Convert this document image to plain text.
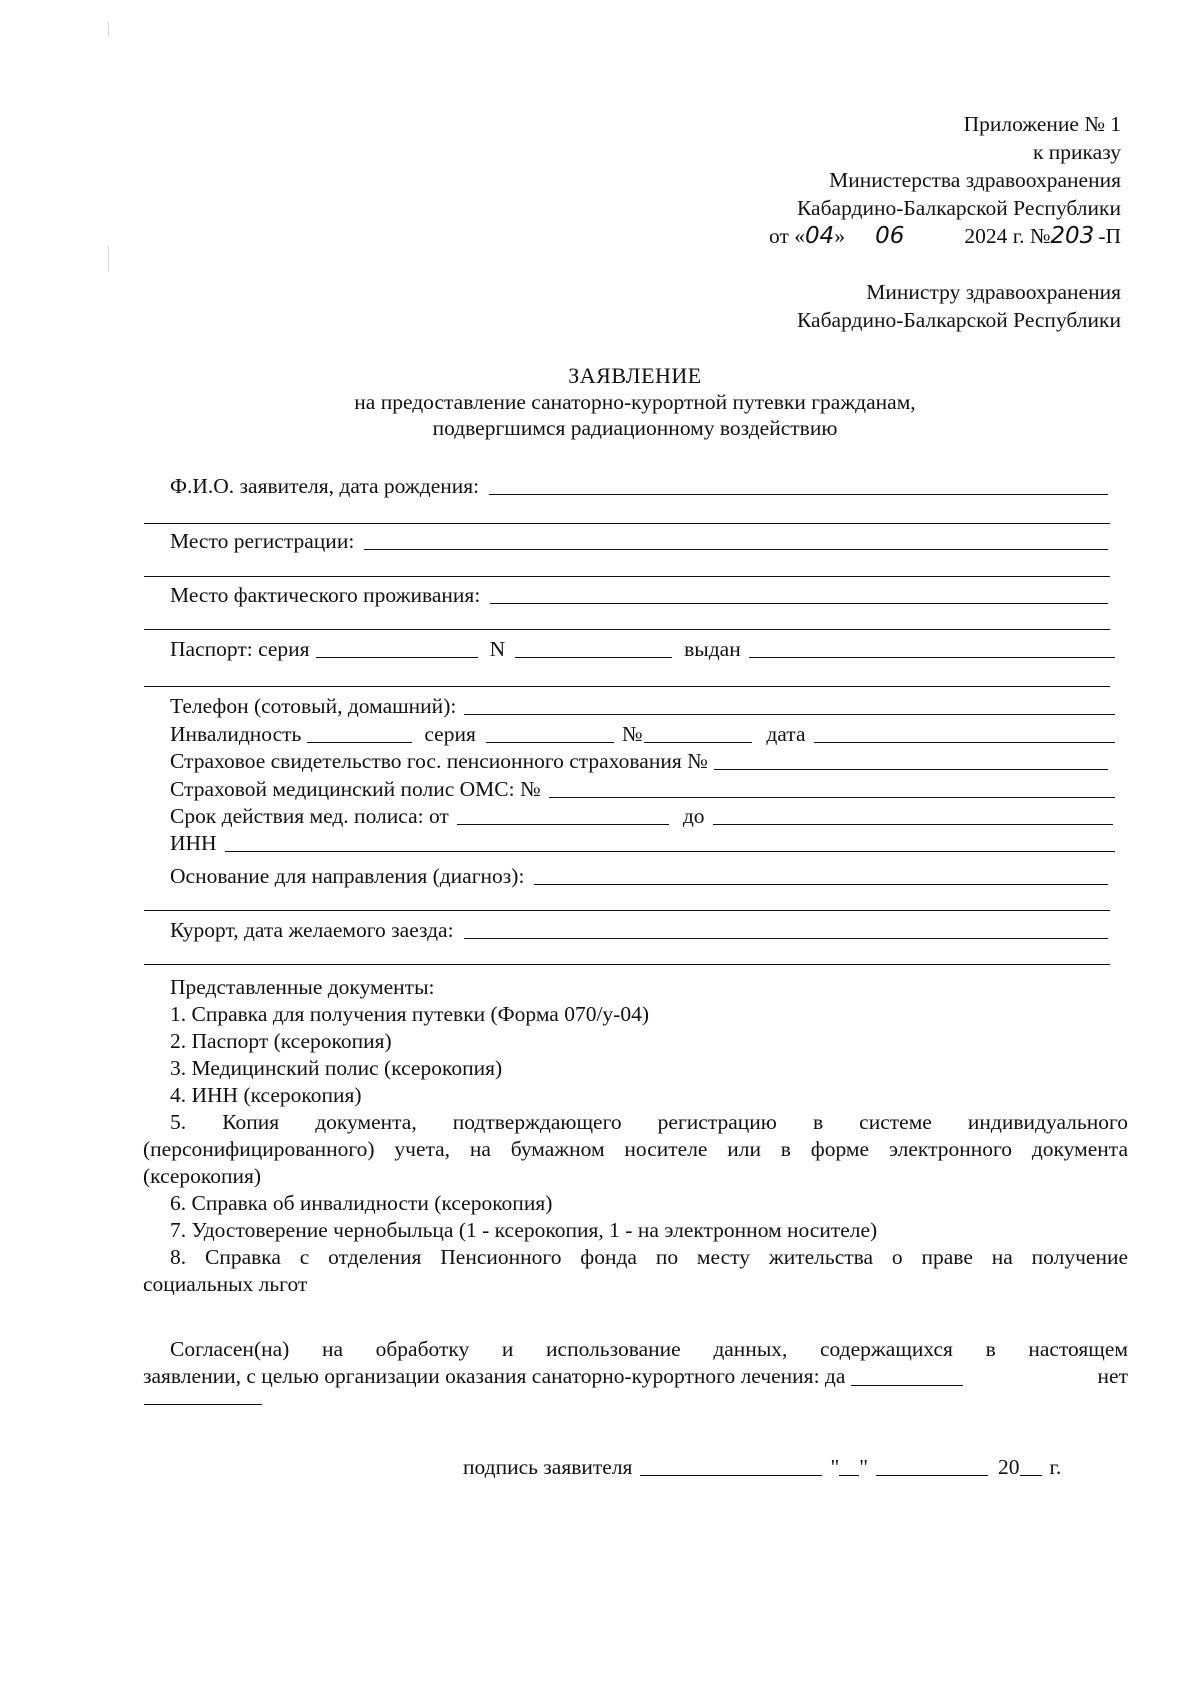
Приложение № 1
к приказу
Министерства здравоохранения
Кабардино-Балкарской Республики
от «04» 06	2024 г. №203 -П
Министру здравоохранения
Кабардино-Балкарской Республики
ЗАЯВЛЕНИЕ
на предоставление санаторно-курортной путевки гражданам,
подвергшимся радиационному воздействию
Ф.И.О. заявителя, дата рождения:
Место регистрации:
Место фактического проживания:
Паспорт: серия	N	выдан
Телефон (сотовый, домашний):
Инвалидность	серия	№	дата
Страховое свидетельство гос. пенсионного страхования №
Страховой медицинский полис ОМС: №
Срок действия мед. полиса: от	до
ИНН
Основание для направления (диагноз):
Курорт, дата желаемого заезда:

Представленные документы:

1. Справка для получения путевки (Форма 070/у-04)

2. Паспорт (ксерокопия)

3. Медицинский полис (ксерокопия)

4. ИНН (ксерокопия)

5. Копия документа, подтверждающего регистрацию в системе индивидуального

(персонифицированного) учета, на бумажном носителе или в форме электронного документа

(ксерокопия)

6. Справка об инвалидности (ксерокопия)

7. Удостоверение чернобыльца (1 - ксерокопия, 1 - на электронном носителе)

8. Справка с отделения Пенсионного фонда по месту жительства о праве на получение

социальных льгот

Согласен(на) на обработку и использование данных, содержащихся в настоящем
заявлении, с целью организации оказания санаторно-курортного лечения: да	нет
подпись заявителя	" "	20 г.
